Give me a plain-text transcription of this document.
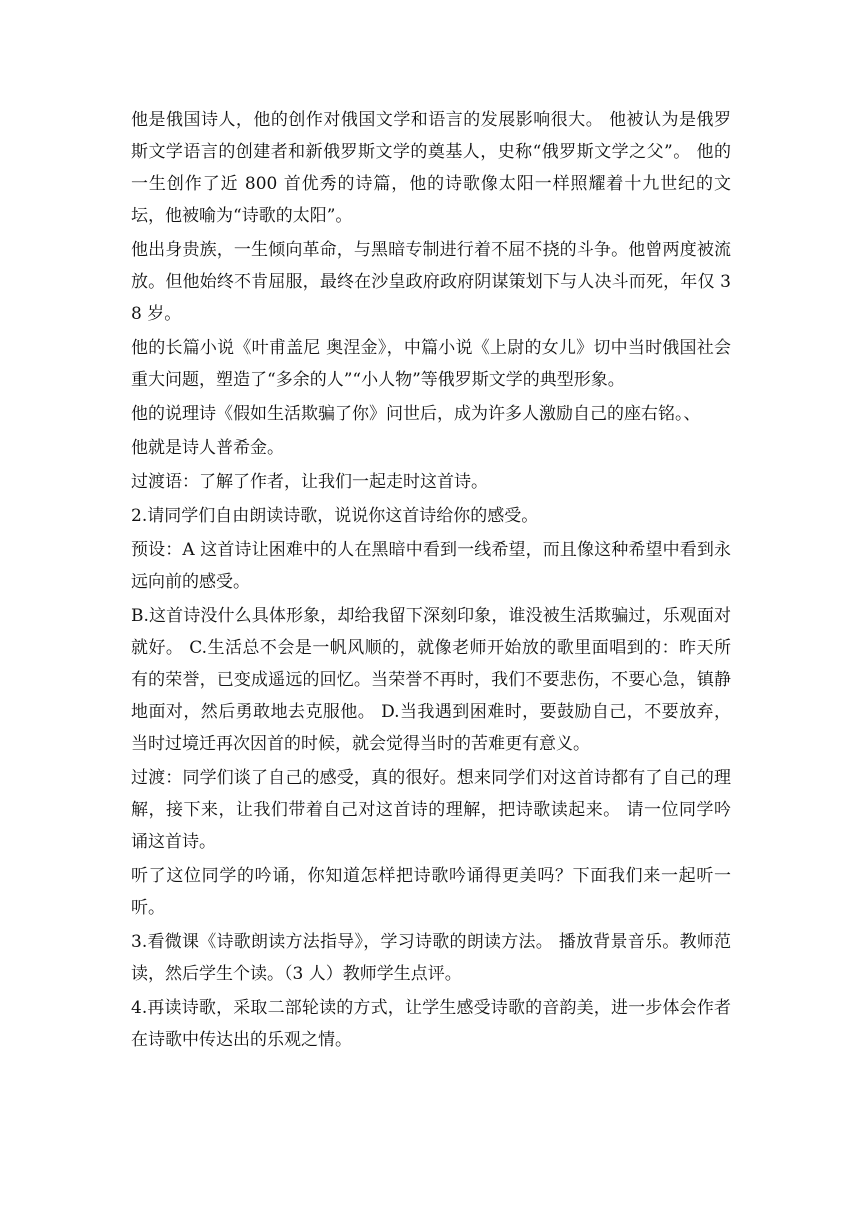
他是俄国诗人，他的创作对俄国文学和语言的发展影响很大。 他被认为是俄罗斯文学语言的创建者和新俄罗斯文学的奠基人，史称“俄罗斯文学之父”。 他的一生创作了近 800 首优秀的诗篇，他的诗歌像太阳一样照耀着十九世纪的文坛，他被喻为“诗歌的太阳”。

他出身贵族，一生倾向革命，与黑暗专制进行着不屈不挠的斗争。他曾两度被流放。但他始终不肯屈服，最终在沙皇政府政府阴谋策划下与人决斗而死，年仅 38 岁。

他的长篇小说《叶甫盖尼 奥涅金》，中篇小说《上尉的女儿》切中当时俄国社会重大问题，塑造了“多余的人”“小人物”等俄罗斯文学的典型形象。

他的说理诗《假如生活欺骗了你》问世后，成为许多人激励自己的座右铭。、

他就是诗人普希金。

过渡语：了解了作者，让我们一起走时这首诗。

2.请同学们自由朗读诗歌，说说你这首诗给你的感受。

预设：A 这首诗让困难中的人在黑暗中看到一线希望，而且像这种希望中看到永远向前的感受。

B.这首诗没什么具体形象，却给我留下深刻印象，谁没被生活欺骗过，乐观面对就好。 C.生活总不会是一帆风顺的，就像老师开始放的歌里面唱到的：昨天所有的荣誉，已变成遥远的回忆。当荣誉不再时，我们不要悲伤，不要心急，镇静地面对，然后勇敢地去克服他。 D.当我遇到困难时，要鼓励自己，不要放弃，当时过境迁再次因首的时候，就会觉得当时的苦难更有意义。

过渡：同学们谈了自己的感受，真的很好。想来同学们对这首诗都有了自己的理解，接下来，让我们带着自己对这首诗的理解，把诗歌读起来。 请一位同学吟诵这首诗。

听了这位同学的吟诵，你知道怎样把诗歌吟诵得更美吗？下面我们来一起听一听。

3.看微课《诗歌朗读方法指导》，学习诗歌的朗读方法。 播放背景音乐。教师范读，然后学生个读。（3 人）教师学生点评。

4.再读诗歌，采取二部轮读的方式，让学生感受诗歌的音韵美，进一步体会作者在诗歌中传达出的乐观之情。
